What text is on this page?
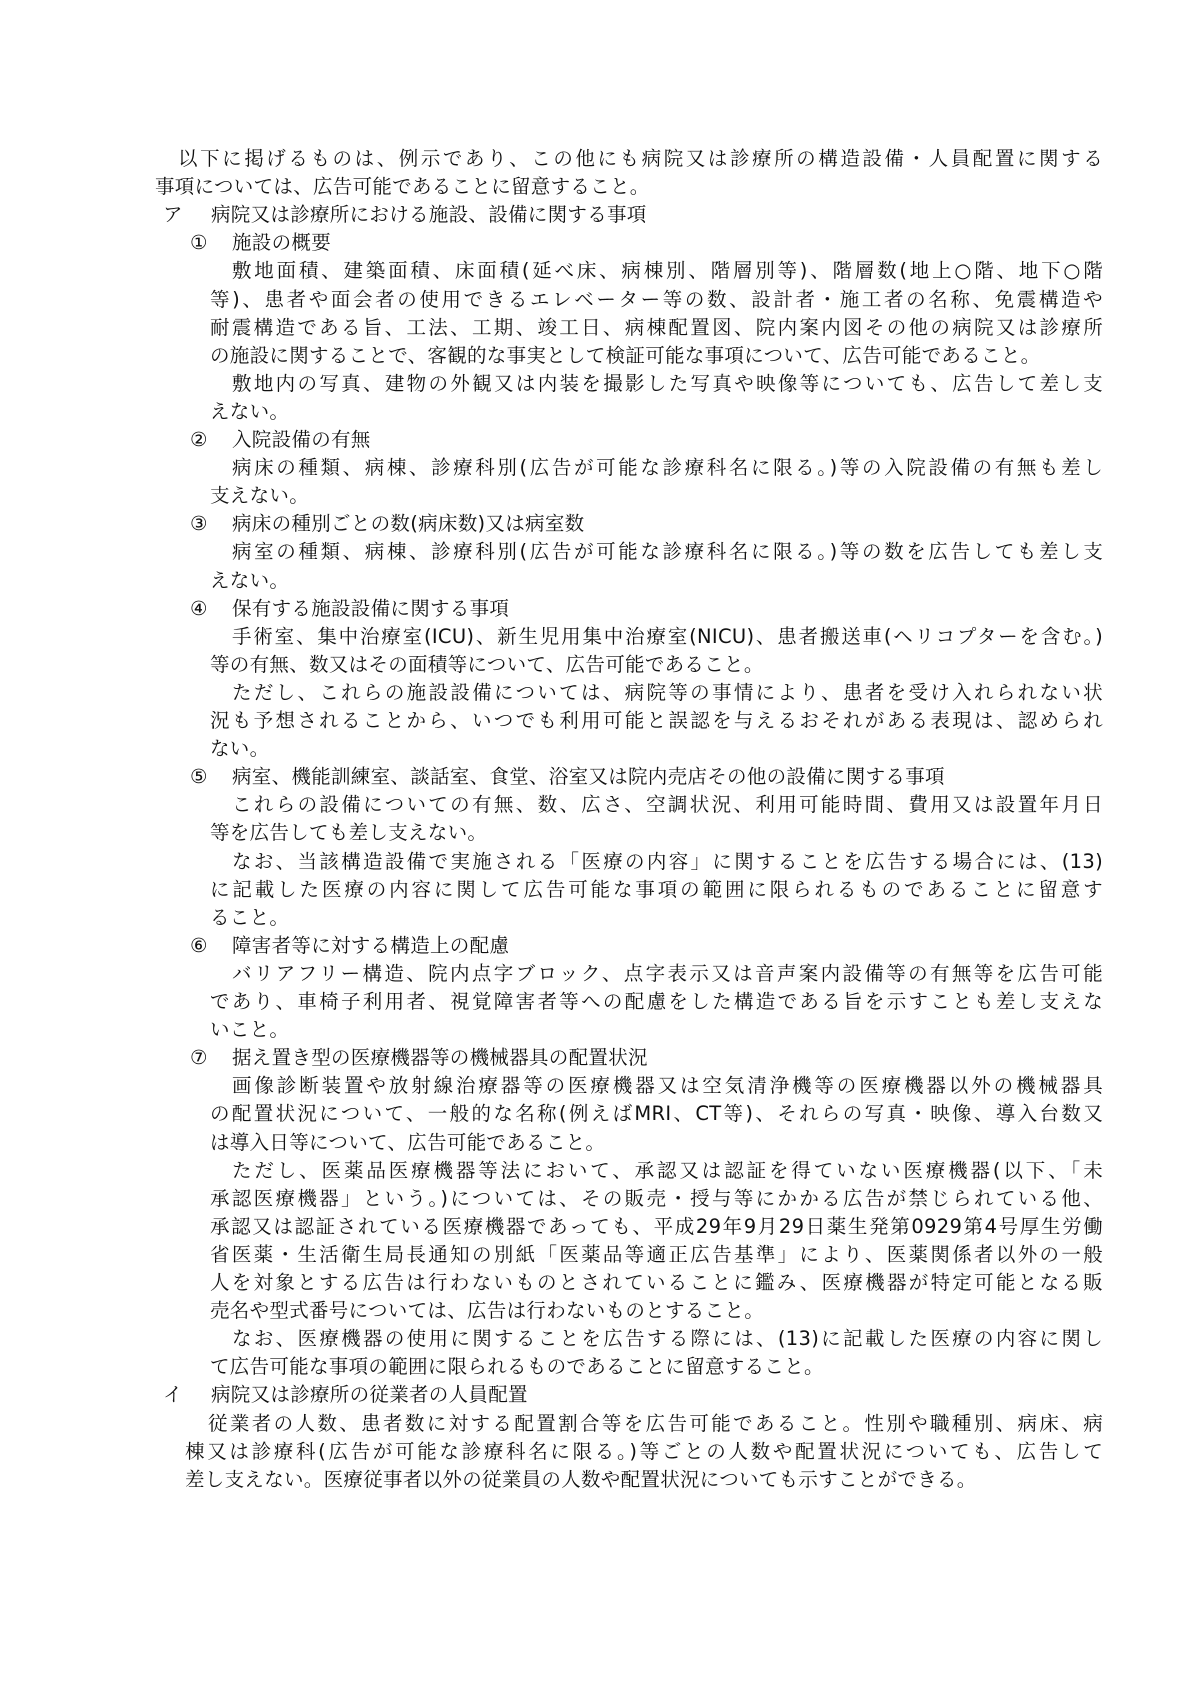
以下に掲げるものは、例示であり、この他にも病院又は診療所の構造設備・人員配置に関する
事項については、広告可能であることに留意すること。
ア 病院又は診療所における施設、設備に関する事項
① 施設の概要
敷地面積、建築面積、床面積(延べ床、病棟別、階層別等)、階層数(地上○階、地下○階
等)、患者や面会者の使用できるエレベーター等の数、設計者・施工者の名称、免震構造や
耐震構造である旨、工法、工期、竣工日、病棟配置図、院内案内図その他の病院又は診療所
の施設に関することで、客観的な事実として検証可能な事項について、広告可能であること。
敷地内の写真、建物の外観又は内装を撮影した写真や映像等についても、広告して差し支
えない。
② 入院設備の有無
病床の種類、病棟、診療科別(広告が可能な診療科名に限る。)等の入院設備の有無も差し
支えない。
③ 病床の種別ごとの数(病床数)又は病室数
病室の種類、病棟、診療科別(広告が可能な診療科名に限る。)等の数を広告しても差し支
えない。
④ 保有する施設設備に関する事項
手術室、集中治療室(ICU)、新生児用集中治療室(NICU)、患者搬送車(ヘリコプターを含む。)
等の有無、数又はその面積等について、広告可能であること。
ただし、これらの施設設備については、病院等の事情により、患者を受け入れられない状
況も予想されることから、いつでも利用可能と誤認を与えるおそれがある表現は、認められ
ない。
⑤ 病室、機能訓練室、談話室、食堂、浴室又は院内売店その他の設備に関する事項
これらの設備についての有無、数、広さ、空調状況、利用可能時間、費用又は設置年月日
等を広告しても差し支えない。
なお、当該構造設備で実施される「医療の内容」に関することを広告する場合には、(13)
に記載した医療の内容に関して広告可能な事項の範囲に限られるものであることに留意す
ること。
⑥ 障害者等に対する構造上の配慮
バリアフリー構造、院内点字ブロック、点字表示又は音声案内設備等の有無等を広告可能
であり、車椅子利用者、視覚障害者等への配慮をした構造である旨を示すことも差し支えな
いこと。
⑦ 据え置き型の医療機器等の機械器具の配置状況
画像診断装置や放射線治療器等の医療機器又は空気清浄機等の医療機器以外の機械器具
の配置状況について、一般的な名称(例えばMRI、CT等)、それらの写真・映像、導入台数又
は導入日等について、広告可能であること。
ただし、医薬品医療機器等法において、承認又は認証を得ていない医療機器(以下、「未
承認医療機器」という。)については、その販売・授与等にかかる広告が禁じられている他、
承認又は認証されている医療機器であっても、平成29年9月29日薬生発第0929第4号厚生労働
省医薬・生活衛生局長通知の別紙「医薬品等適正広告基準」により、医薬関係者以外の一般
人を対象とする広告は行わないものとされていることに鑑み、医療機器が特定可能となる販
売名や型式番号については、広告は行わないものとすること。
なお、医療機器の使用に関することを広告する際には、(13)に記載した医療の内容に関し
て広告可能な事項の範囲に限られるものであることに留意すること。
イ 病院又は診療所の従業者の人員配置
従業者の人数、患者数に対する配置割合等を広告可能であること。性別や職種別、病床、病
棟又は診療科(広告が可能な診療科名に限る。)等ごとの人数や配置状況についても、広告して
差し支えない。医療従事者以外の従業員の人数や配置状況についても示すことができる。
